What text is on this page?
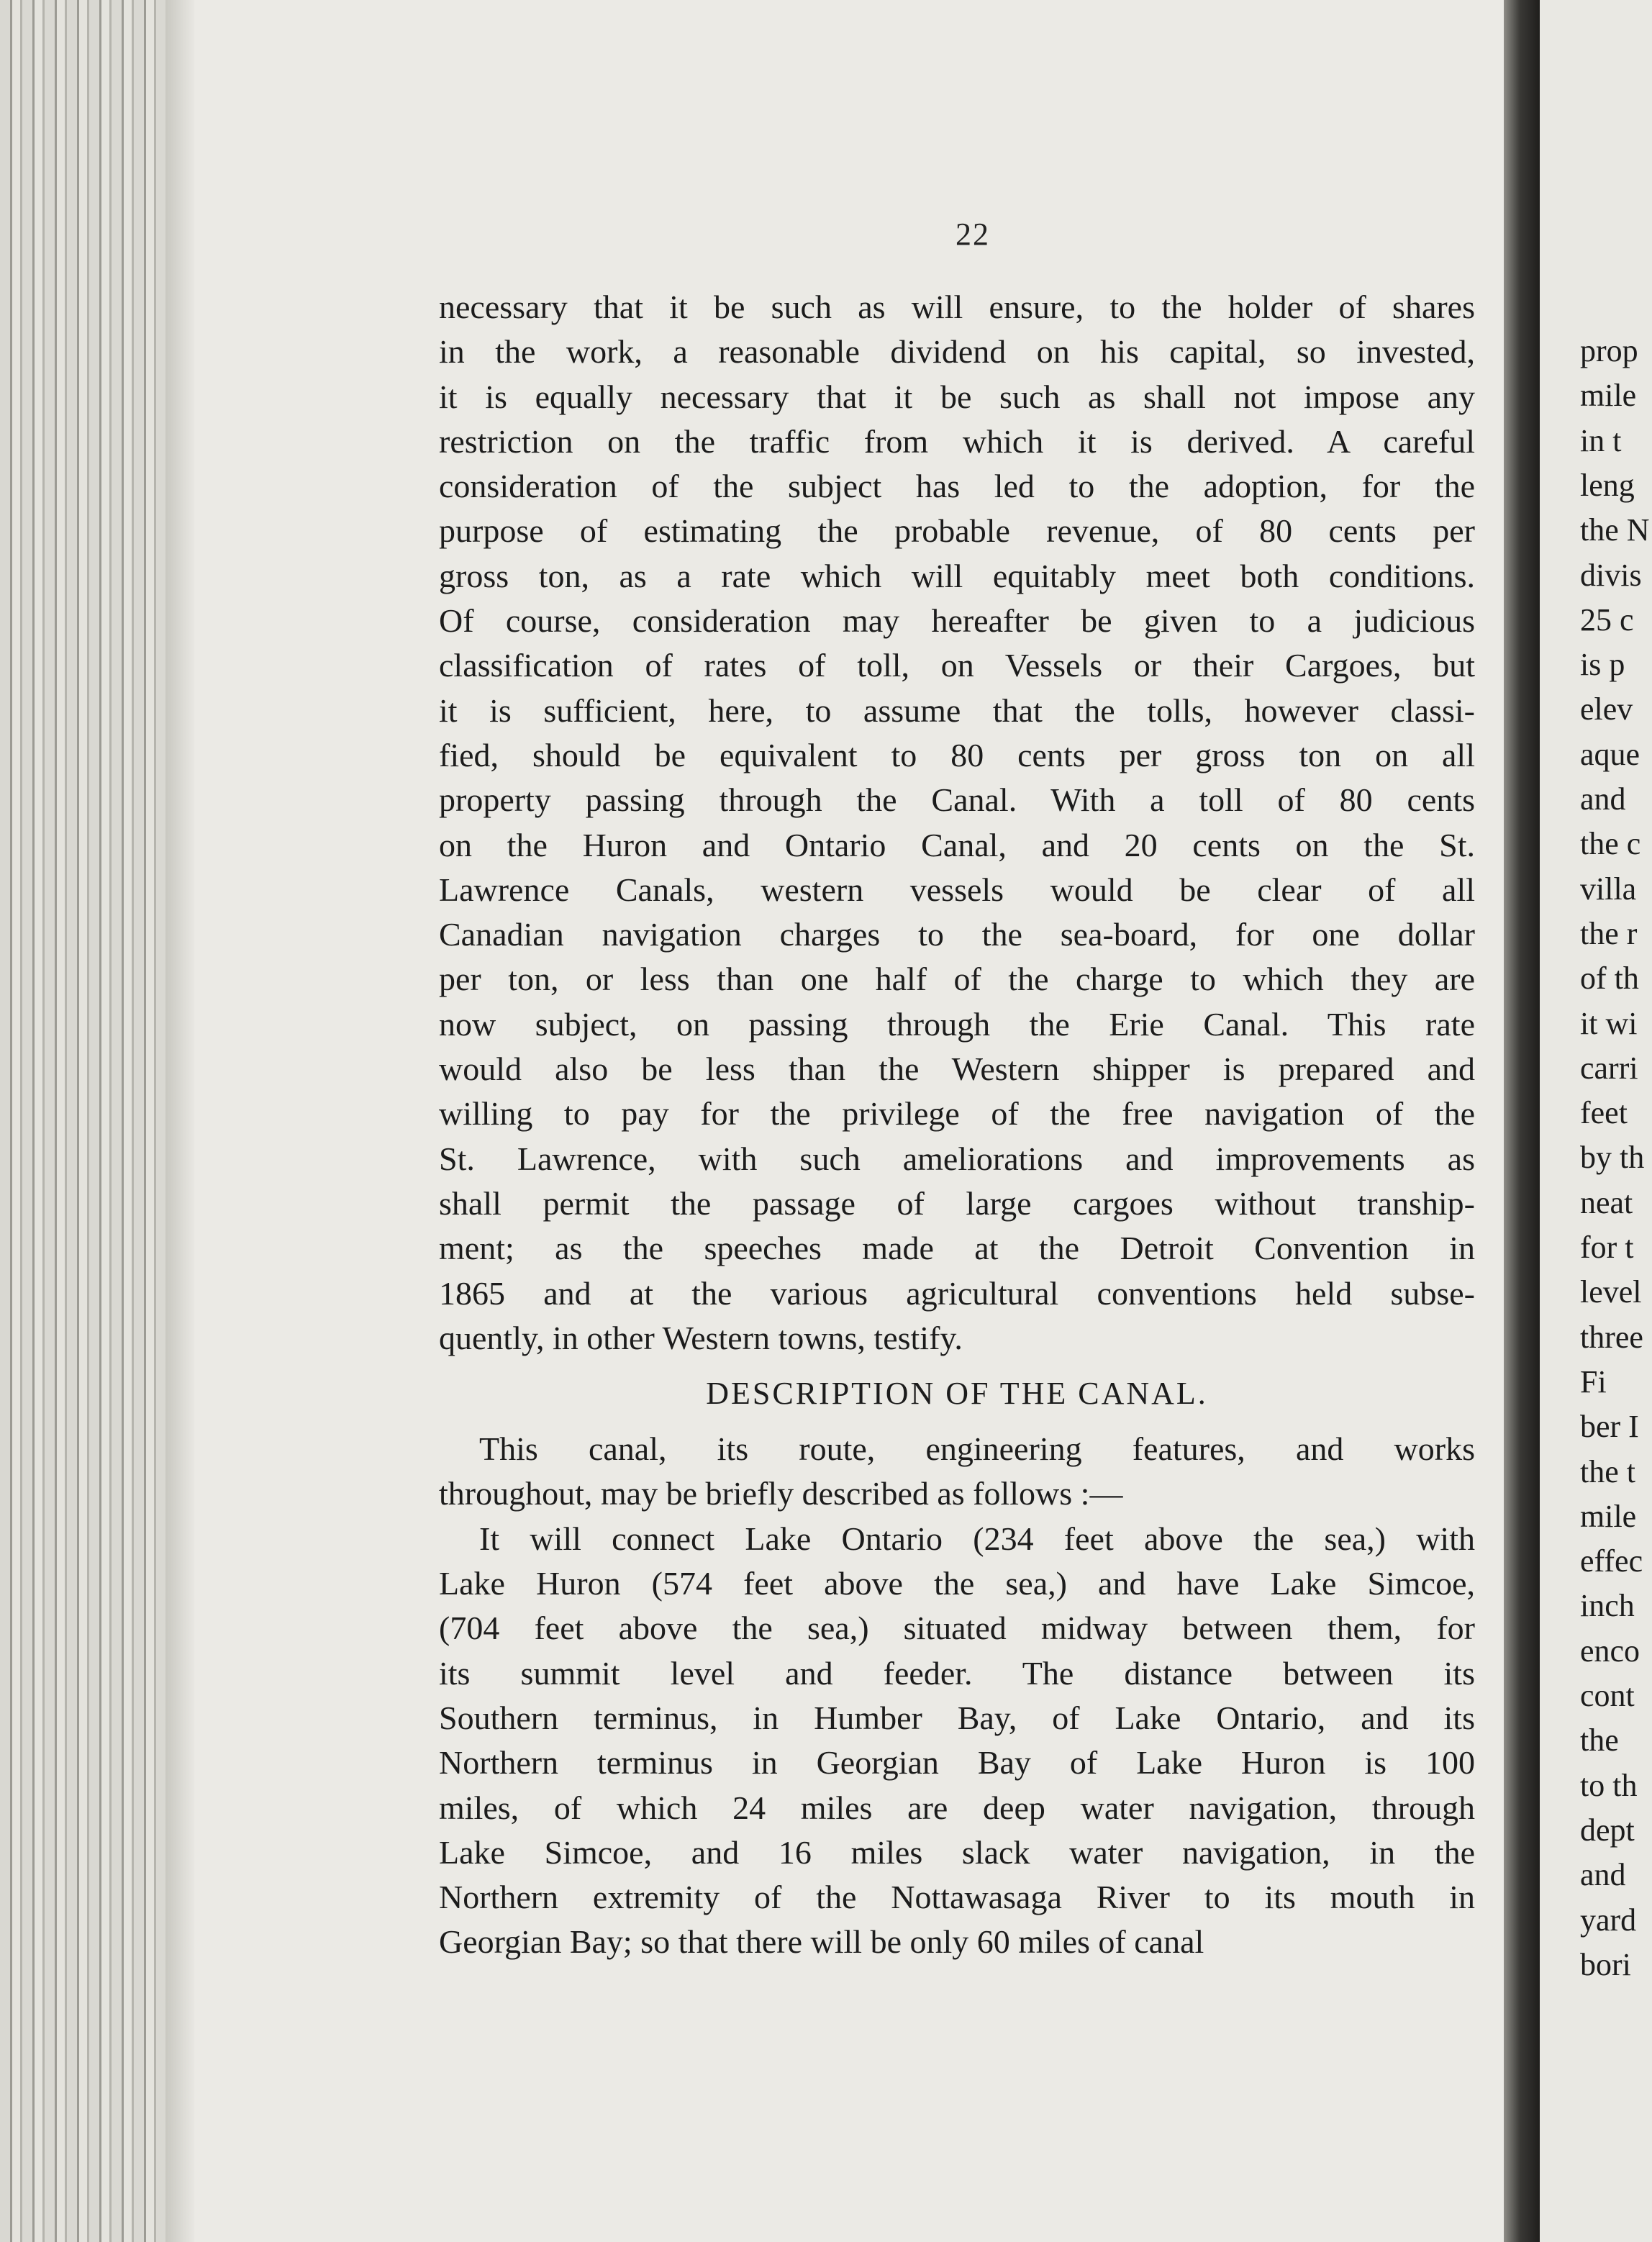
22
necessary that it be such as will ensure, to the holder of shares
in the work, a reasonable dividend on his capital, so invested,
it is equally necessary that it be such as shall not impose any
restriction on the traffic from which it is derived. A careful
consideration of the subject has led to the adoption, for the
purpose of estimating the probable revenue, of 80 cents per
gross ton, as a rate which will equitably meet both conditions.
Of course, consideration may hereafter be given to a judicious
classification of rates of toll, on Vessels or their Cargoes, but
it is sufficient, here, to assume that the tolls, however classi-
fied, should be equivalent to 80 cents per gross ton on all
property passing through the Canal. With a toll of 80 cents
on the Huron and Ontario Canal, and 20 cents on the St.
Lawrence Canals, western vessels would be clear of all
Canadian navigation charges to the sea-board, for one dollar
per ton, or less than one half of the charge to which they are
now subject, on passing through the Erie Canal. This rate
would also be less than the Western shipper is prepared and
willing to pay for the privilege of the free navigation of the
St. Lawrence, with such ameliorations and improvements as
shall permit the passage of large cargoes without tranship-
ment; as the speeches made at the Detroit Convention in
1865 and at the various agricultural conventions held subse-
quently, in other Western towns, testify.
DESCRIPTION OF THE CANAL.
This canal, its route, engineering features, and works
throughout, may be briefly described as follows :—
It will connect Lake Ontario (234 feet above the sea,) with
Lake Huron (574 feet above the sea,) and have Lake Simcoe,
(704 feet above the sea,) situated midway between them, for
its summit level and feeder. The distance between its
Southern terminus, in Humber Bay, of Lake Ontario, and its
Northern terminus in Georgian Bay of Lake Huron is 100
miles, of which 24 miles are deep water navigation, through
Lake Simcoe, and 16 miles slack water navigation, in the
Northern extremity of the Nottawasaga River to its mouth in
Georgian Bay; so that there will be only 60 miles of canal
prop
mile
in t
leng
the N
divis
25 c
is p
elev
aque
and
the c
villa
the r
of th
it wi
carri
feet
by th
neat
for t
level
three
Fi
ber I
the t
mile
effec
inch
enco
cont
the
to th
dept
and
yard
bori
